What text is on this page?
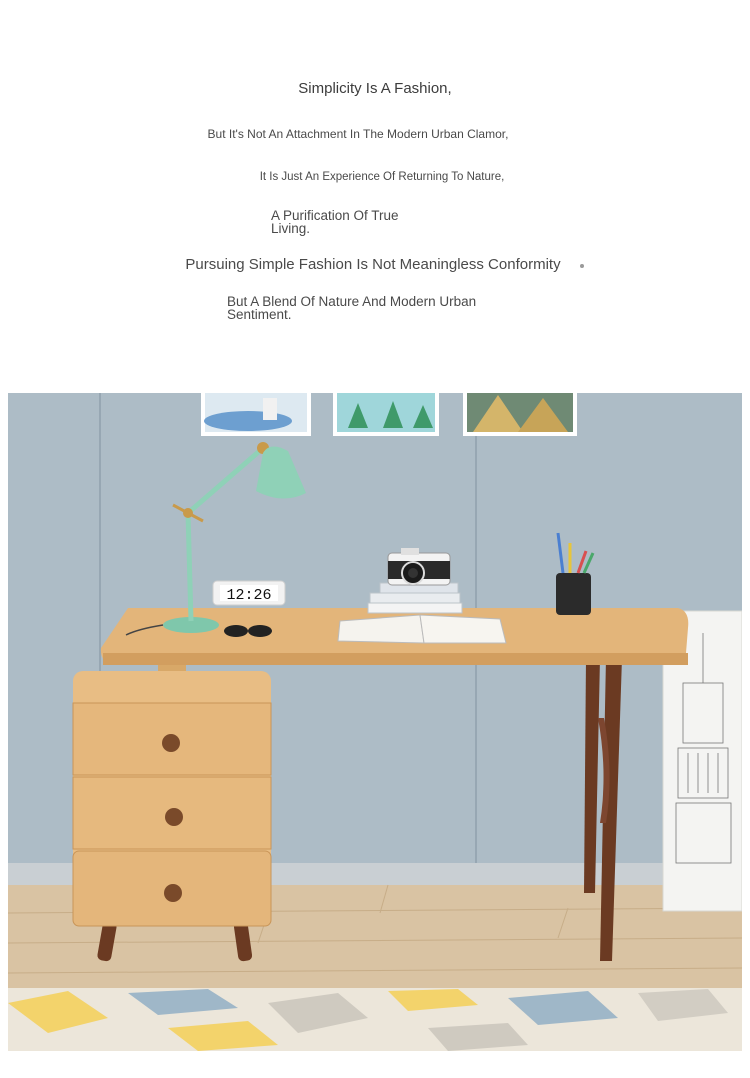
Simplicity Is A Fashion,

But It's Not An Attachment In The Modern Urban Clamor,

It Is Just An Experience Of Returning To Nature,

A Purification Of True Living.

Pursuing Simple Fashion Is Not Meaningless Conformity

But A Blend Of Nature And Modern Urban Sentiment.

12:26
